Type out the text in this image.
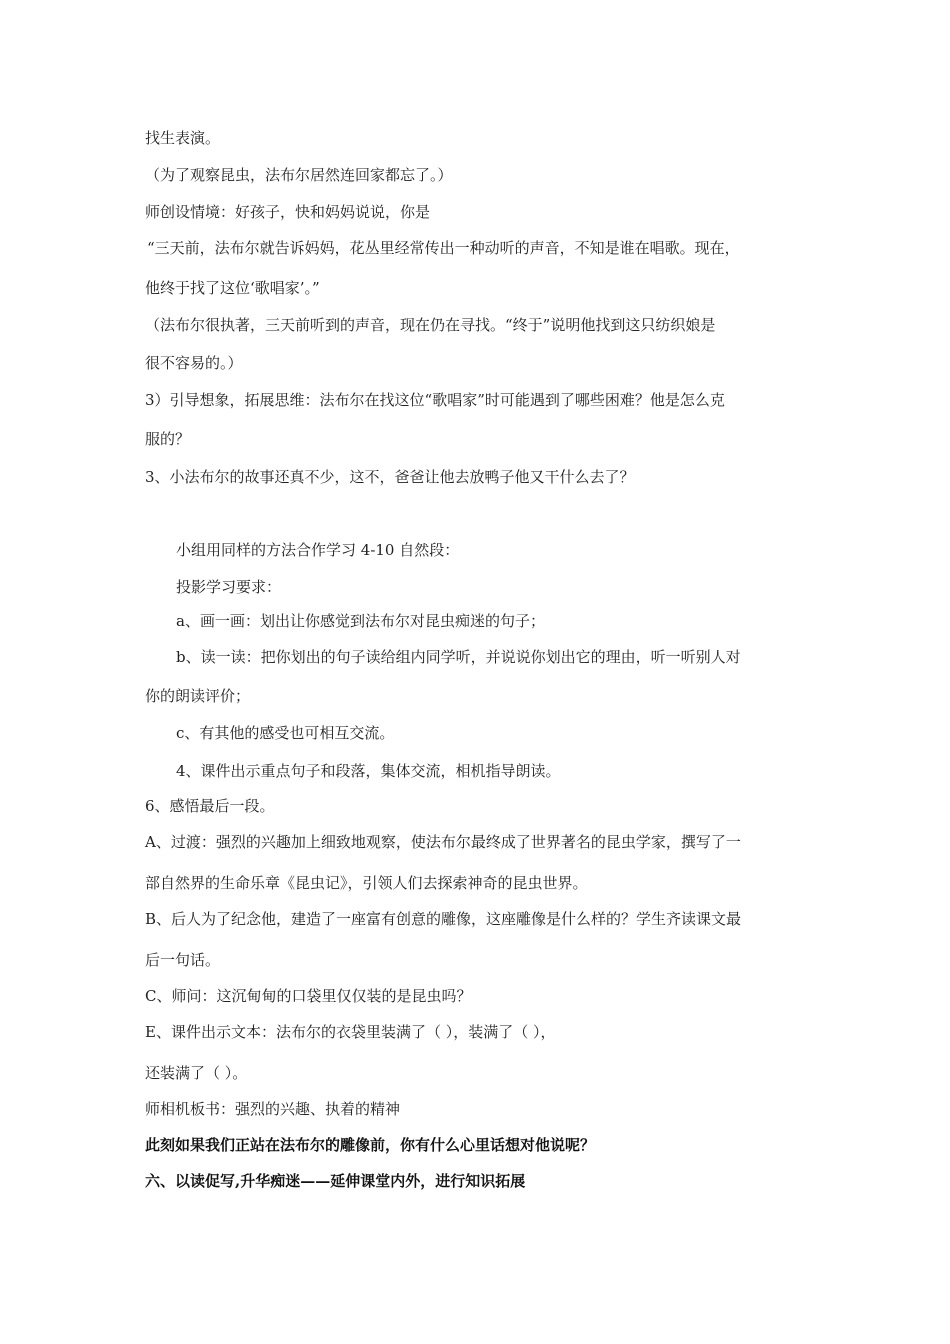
找生表演。
（为了观察昆虫，法布尔居然连回家都忘了。）
师创设情境：好孩子，快和妈妈说说，你是
“三天前，法布尔就告诉妈妈，花丛里经常传出一种动听的声音，不知是谁在唱歌。现在，
他终于找了这位‘歌唱家’。”
（法布尔很执著，三天前听到的声音，现在仍在寻找。“终于”说明他找到这只纺织娘是
很不容易的。）
3）引导想象，拓展思维：法布尔在找这位“歌唱家”时可能遇到了哪些困难？他是怎么克
服的？
3、小法布尔的故事还真不少，这不，爸爸让他去放鸭子他又干什么去了？
小组用同样的方法合作学习 4-10 自然段：
投影学习要求：
a、画一画：划出让你感觉到法布尔对昆虫痴迷的句子；
b、读一读：把你划出的句子读给组内同学听，并说说你划出它的理由，听一听别人对
你的朗读评价；
c、有其他的感受也可相互交流。
4、课件出示重点句子和段落，集体交流，相机指导朗读。
6、感悟最后一段。
A、过渡：强烈的兴趣加上细致地观察，使法布尔最终成了世界著名的昆虫学家，撰写了一
部自然界的生命乐章《昆虫记》，引领人们去探索神奇的昆虫世界。
B、后人为了纪念他，建造了一座富有创意的雕像，这座雕像是什么样的？学生齐读课文最
后一句话。
C、师问：这沉甸甸的口袋里仅仅装的是昆虫吗？
E、课件出示文本：法布尔的衣袋里装满了（ ），装满了（ ），
还装满了（ ）。
师相机板书：强烈的兴趣、执着的精神
此刻如果我们正站在法布尔的雕像前，你有什么心里话想对他说呢？
六、以读促写,升华痴迷——延伸课堂内外，进行知识拓展
